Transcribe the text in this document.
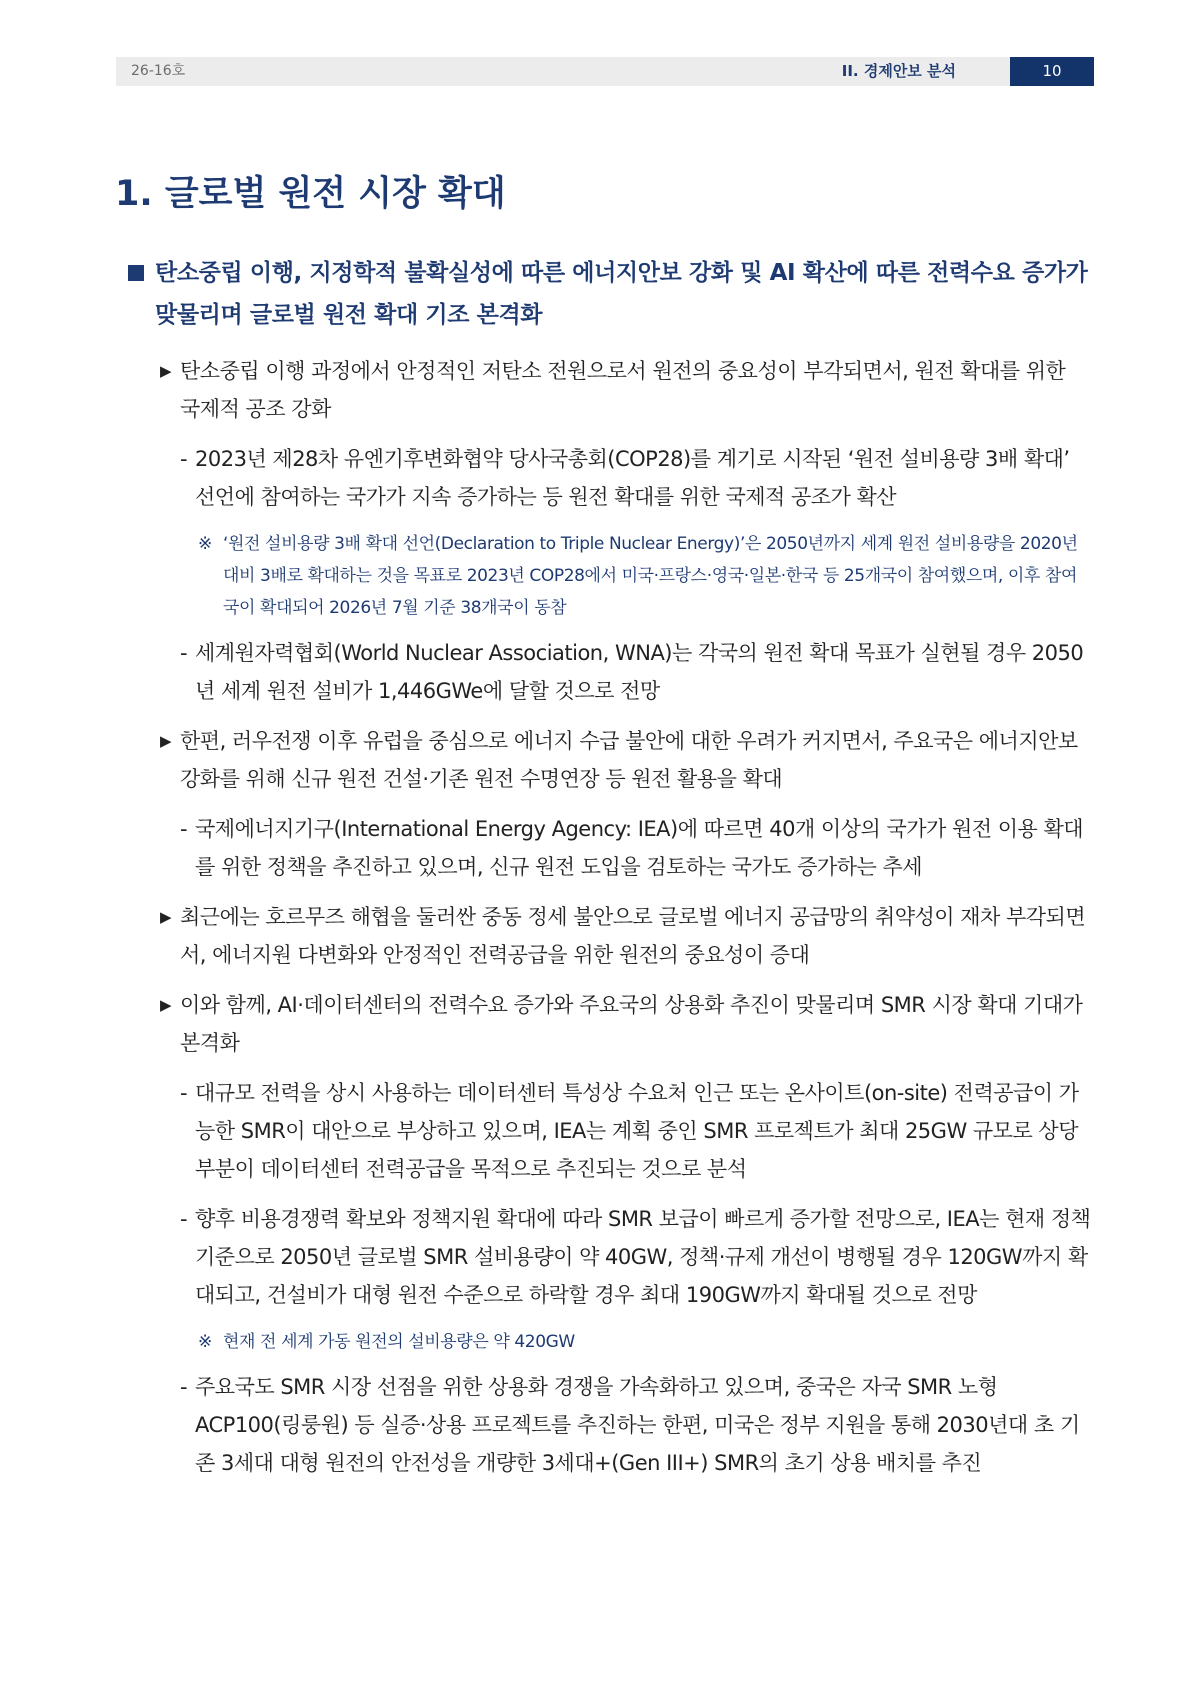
26-16호	II. 경제안보 분석	10
1. 글로벌 원전 시장 확대
탄소중립 이행, 지정학적 불확실성에 따른 에너지안보 강화 및 AI 확산에 따른 전력수요 증가가 맞물리며 글로벌 원전 확대 기조 본격화
▶ 탄소중립 이행 과정에서 안정적인 저탄소 전원으로서 원전의 중요성이 부각되면서, 원전 확대를 위한 국제적 공조 강화
- 2023년 제28차 유엔기후변화협약 당사국총회(COP28)를 계기로 시작된 ‘원전 설비용량 3배 확대’ 선언에 참여하는 국가가 지속 증가하는 등 원전 확대를 위한 국제적 공조가 확산
※ ‘원전 설비용량 3배 확대 선언(Declaration to Triple Nuclear Energy)’은 2050년까지 세계 원전 설비용량을 2020년 대비 3배로 확대하는 것을 목표로 2023년 COP28에서 미국·프랑스·영국·일본·한국 등 25개국이 참여했으며, 이후 참여국이 확대되어 2026년 7월 기준 38개국이 동참
- 세계원자력협회(World Nuclear Association, WNA)는 각국의 원전 확대 목표가 실현될 경우 2050년 세계 원전 설비가 1,446GWe에 달할 것으로 전망
▶ 한편, 러우전쟁 이후 유럽을 중심으로 에너지 수급 불안에 대한 우려가 커지면서, 주요국은 에너지안보 강화를 위해 신규 원전 건설·기존 원전 수명연장 등 원전 활용을 확대
- 국제에너지기구(International Energy Agency: IEA)에 따르면 40개 이상의 국가가 원전 이용 확대를 위한 정책을 추진하고 있으며, 신규 원전 도입을 검토하는 국가도 증가하는 추세
▶ 최근에는 호르무즈 해협을 둘러싼 중동 정세 불안으로 글로벌 에너지 공급망의 취약성이 재차 부각되면서, 에너지원 다변화와 안정적인 전력공급을 위한 원전의 중요성이 증대
▶ 이와 함께, AI·데이터센터의 전력수요 증가와 주요국의 상용화 추진이 맞물리며 SMR 시장 확대 기대가 본격화
- 대규모 전력을 상시 사용하는 데이터센터 특성상 수요처 인근 또는 온사이트(on-site) 전력공급이 가능한 SMR이 대안으로 부상하고 있으며, IEA는 계획 중인 SMR 프로젝트가 최대 25GW 규모로 상당 부분이 데이터센터 전력공급을 목적으로 추진되는 것으로 분석
- 향후 비용경쟁력 확보와 정책지원 확대에 따라 SMR 보급이 빠르게 증가할 전망으로, IEA는 현재 정책 기준으로 2050년 글로벌 SMR 설비용량이 약 40GW, 정책·규제 개선이 병행될 경우 120GW까지 확대되고, 건설비가 대형 원전 수준으로 하락할 경우 최대 190GW까지 확대될 것으로 전망
※ 현재 전 세계 가동 원전의 설비용량은 약 420GW
- 주요국도 SMR 시장 선점을 위한 상용화 경쟁을 가속화하고 있으며, 중국은 자국 SMR 노형 ACP100(링룽원) 등 실증·상용 프로젝트를 추진하는 한편, 미국은 정부 지원을 통해 2030년대 초 기존 3세대 대형 원전의 안전성을 개량한 3세대+(Gen III+) SMR의 초기 상용 배치를 추진
